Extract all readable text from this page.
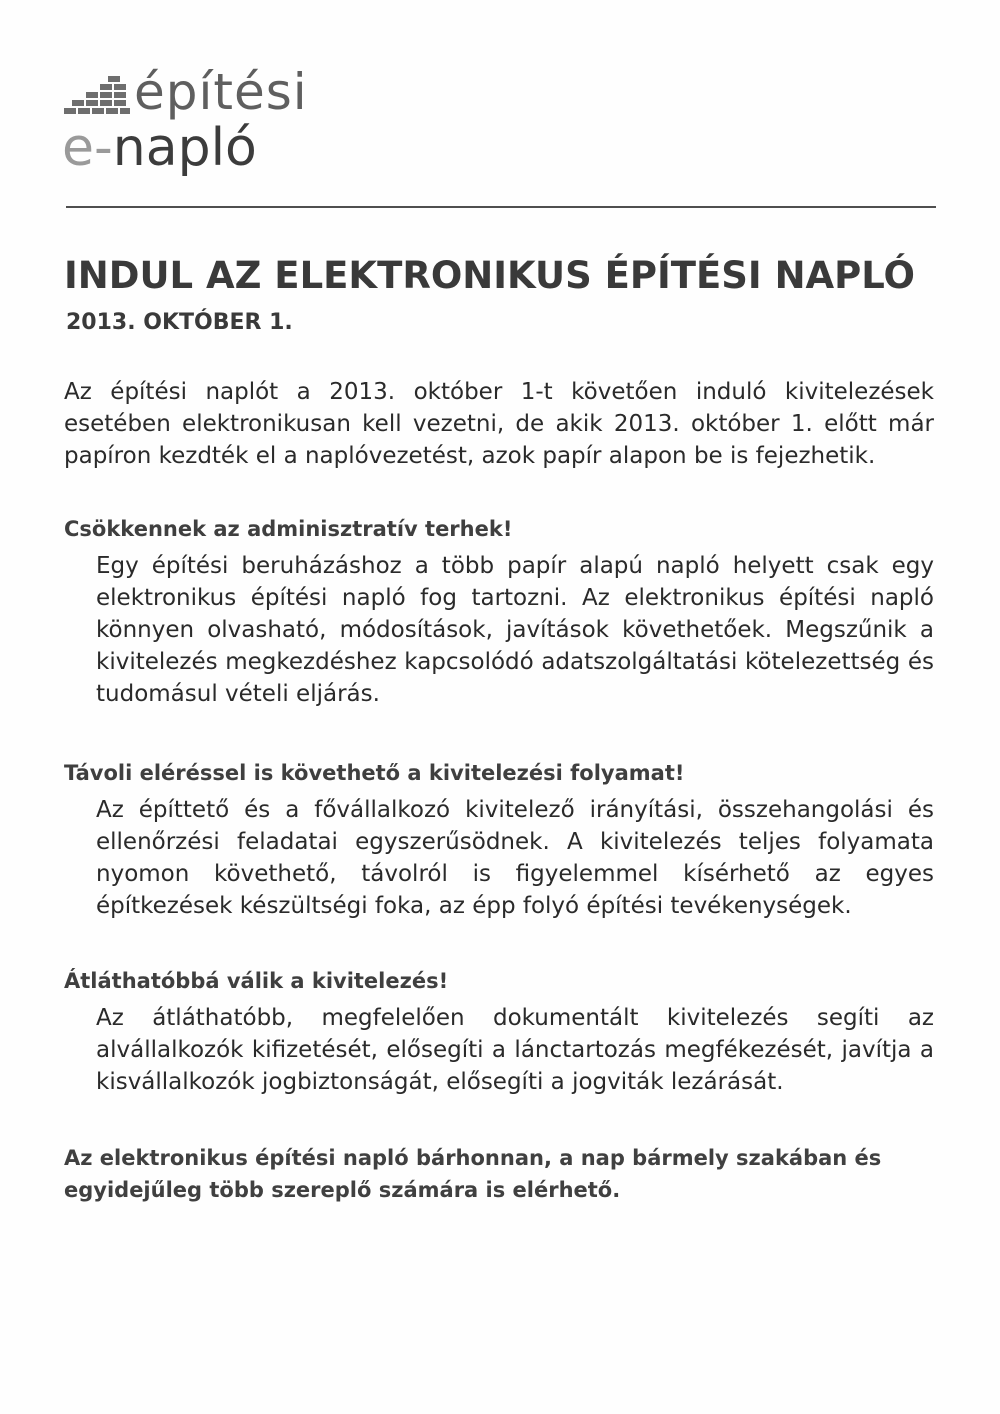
építési
e-napló
INDUL AZ ELEKTRONIKUS ÉPÍTÉSI NAPLÓ
2013. OKTÓBER 1.

Az építési naplót a 2013. október 1-t követően induló kivitelezések esetében elektronikusan kell vezetni, de akik 2013. október 1. előtt már papíron kezdték el a naplóvezetést, azok papír alapon be is fejezhetik.

Csökkennek az adminisztratív terhek!

Egy építési beruházáshoz a több papír alapú napló helyett csak egy elektronikus építési napló fog tartozni. Az elektronikus építési napló könnyen olvasható, módosítások, javítások követhetőek. Megszűnik a kivitelezés megkezdéshez kapcsolódó adatszolgáltatási kötelezettség és tudomásul vételi eljárás.

Távoli eléréssel is követhető a kivitelezési folyamat!

Az építtető és a fővállalkozó kivitelező irányítási, összehangolási és ellenőrzési feladatai egyszerűsödnek. A kivitelezés teljes folyamata nyomon követhető, távolról is figyelemmel kísérhető az egyes építkezések készültségi foka, az épp folyó építési tevékenységek.

Átláthatóbbá válik a kivitelezés!

Az átláthatóbb, megfelelően dokumentált kivitelezés segíti az alvállalkozók kifizetését, elősegíti a lánctartozás megfékezését, javítja a kisvállalkozók jogbiztonságát, elősegíti a jogviták lezárását.

Az elektronikus építési napló bárhonnan, a nap bármely szakában és egyidejűleg több szereplő számára is elérhető.
